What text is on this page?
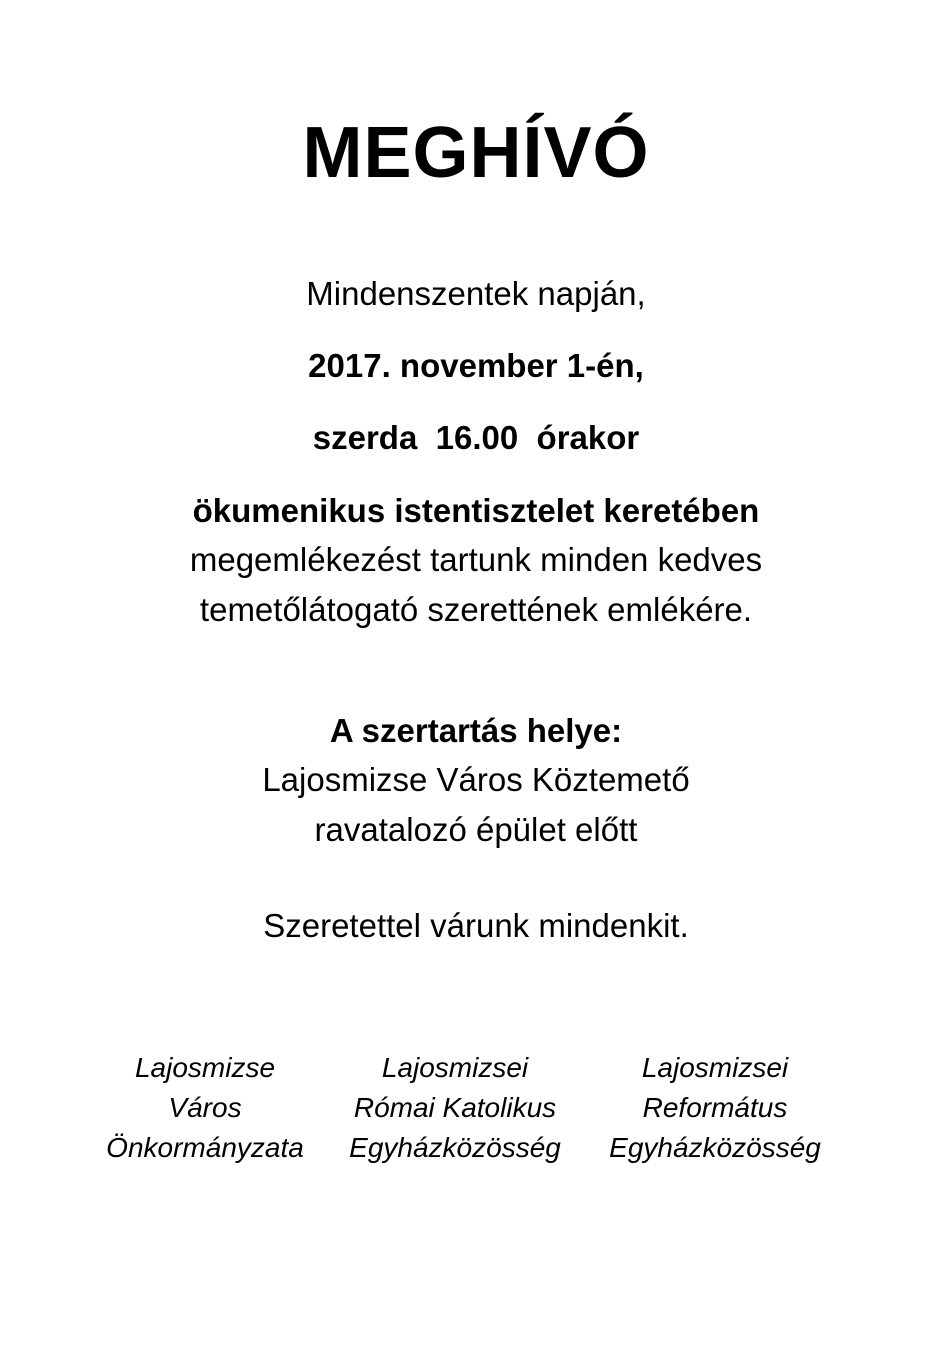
MEGHÍVÓ
Mindenszentek napján,
2017. november 1-én,
szerda  16.00  órakor
ökumenikus istentisztelet keretében
megemlékezést tartunk minden kedves
temetőlátogató szerettének emlékére.
A szertartás helye:
Lajosmizse Város Köztemető
ravatalozó épület előtt
Szeretettel várunk mindenkit.
Lajosmizse
Város
Önkormányzata
Lajosmizsei
Római Katolikus
Egyházközösség
Lajosmizsei
Református
Egyházközösség
